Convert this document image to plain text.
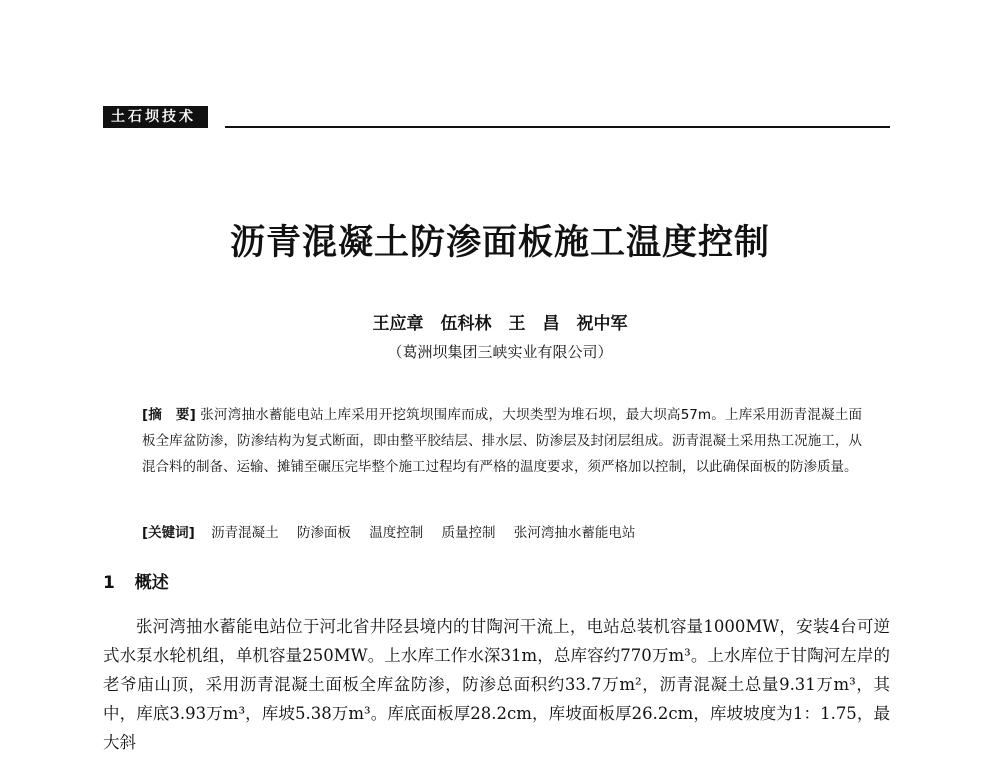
土石坝技术
沥青混凝土防渗面板施工温度控制
王应章　伍科林　王　昌　祝中军
（葛洲坝集团三峡实业有限公司）
[摘　要] 张河湾抽水蓄能电站上库采用开挖筑坝围库而成，大坝类型为堆石坝，最大坝高57m。上库采用沥青混凝土面板全库盆防渗，防渗结构为复式断面，即由整平胶结层、排水层、防渗层及封闭层组成。沥青混凝土采用热工况施工，从混合料的制备、运输、摊铺至碾压完毕整个施工过程均有严格的温度要求，须严格加以控制，以此确保面板的防渗质量。
[关键词] 沥青混凝土 防渗面板 温度控制 质量控制 张河湾抽水蓄能电站
1 概述
张河湾抽水蓄能电站位于河北省井陉县境内的甘陶河干流上，电站总装机容量1000MW，安装4台可逆式水泵水轮机组，单机容量250MW。上水库工作水深31m，总库容约770万m³。上水库位于甘陶河左岸的老爷庙山顶，采用沥青混凝土面板全库盆防渗，防渗总面积约33.7万m²，沥青混凝土总量9.31万m³，其中，库底3.93万m³，库坡5.38万m³。库底面板厚28.2cm，库坡面板厚26.2cm，库坡坡度为1：1.75，最大斜
